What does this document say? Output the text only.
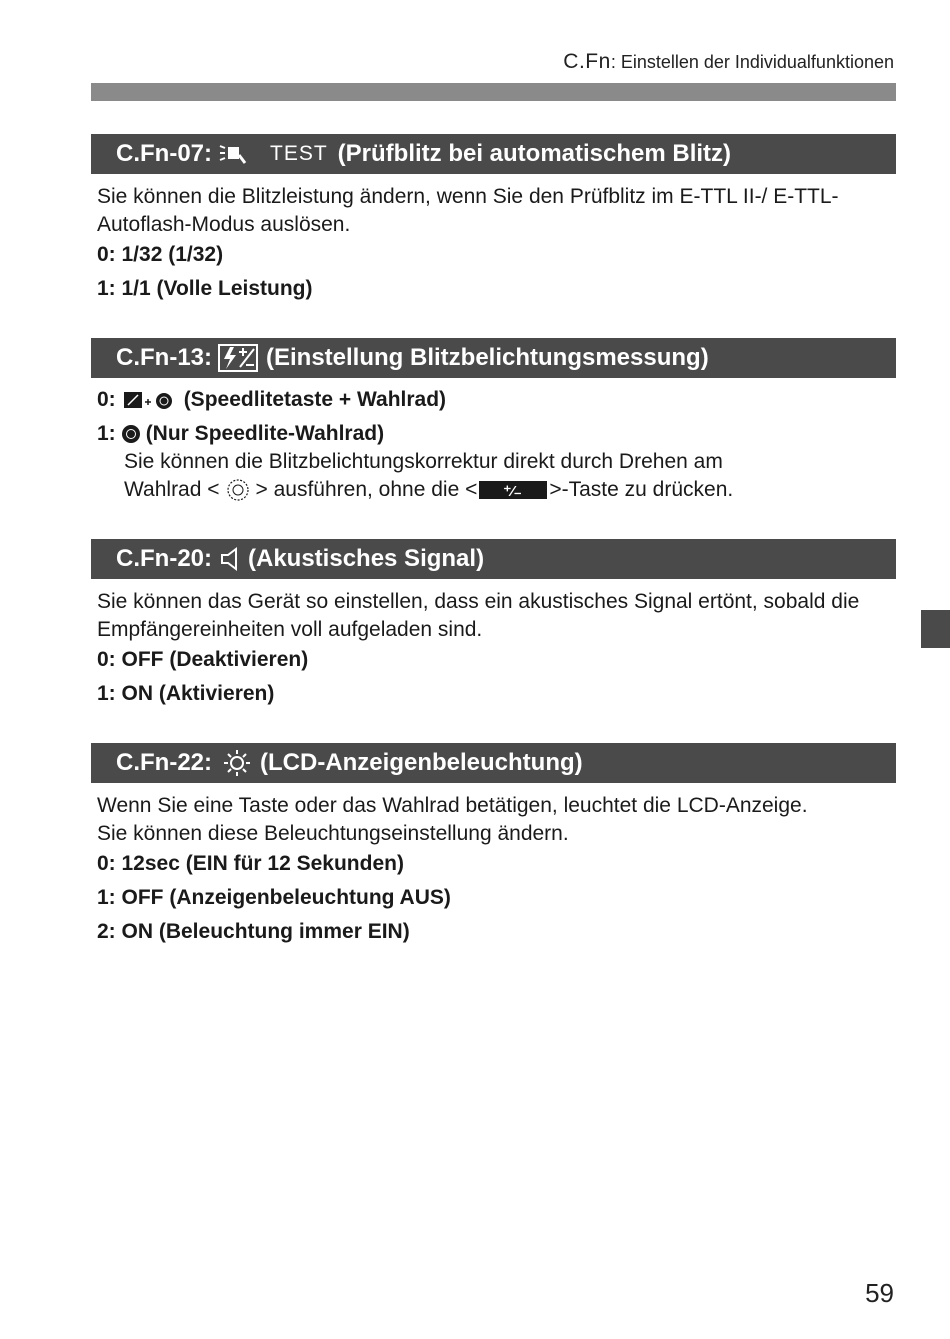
C.Fn : Einstellen der Individualfunktionen
C.Fn-07:	TEST (Prüfblitz bei automatischem Blitz)

Sie können die Blitzleistung ändern, wenn Sie den Prüfblitz im E-TTL II-/ E-TTL-Autoflash-Modus auslösen.

0: 1/32 (1/32)
1: 1/1 (Volle Leistung)
C.Fn-13: (Einstellung Blitzbelichtungsmessung)
0:	(Speedlitetaste + Wahlrad)
1: (Nur Speedlite-Wahlrad)

Sie können die Blitzbelichtungskorrektur direkt durch Drehen am

Wahlrad < > ausführen, ohne die < ⁺⁄₋ >-Taste zu drücken.

C.Fn-20: (Akustisches Signal)

Sie können das Gerät so einstellen, dass ein akustisches Signal ertönt, sobald die Empfängereinheiten voll aufgeladen sind.

0: OFF (Deaktivieren)
1: ON (Aktivieren)
C.Fn-22: (LCD-Anzeigenbeleuchtung)

Wenn Sie eine Taste oder das Wahlrad betätigen, leuchtet die LCD-Anzeige. Sie können diese Beleuchtungseinstellung ändern.

0: 12sec (EIN für 12 Sekunden)
1: OFF (Anzeigenbeleuchtung AUS)
2: ON (Beleuchtung immer EIN)
59
